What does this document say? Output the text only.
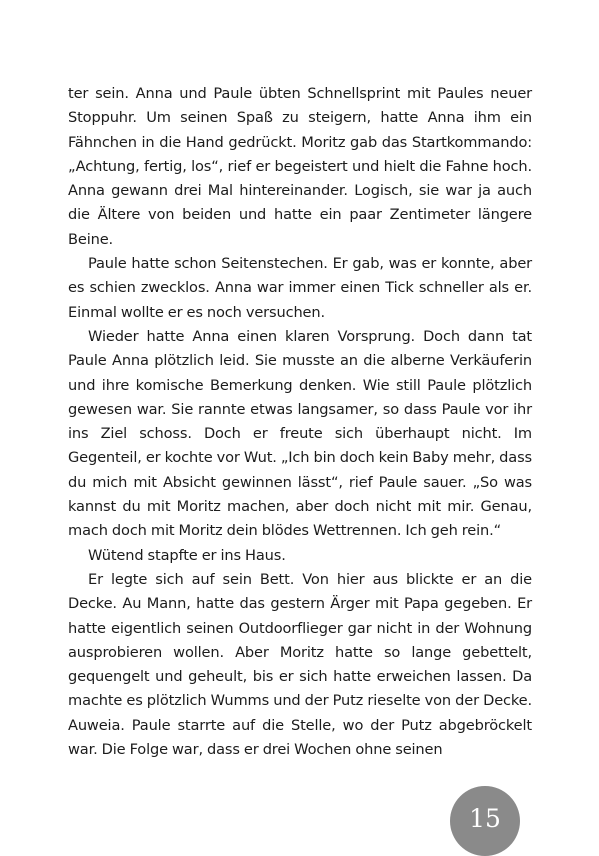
ter sein. Anna und Paule übten Schnellsprint mit Paules neuer Stoppuhr. Um seinen Spaß zu steigern, hatte Anna ihm ein Fähnchen in die Hand gedrückt. Moritz gab das Startkommando: „Achtung, fertig, los“, rief er begeistert und hielt die Fahne hoch. Anna gewann drei Mal hintereinander. Logisch, sie war ja auch die Ältere von beiden und hatte ein paar Zentimeter längere Beine.

Paule hatte schon Seitenstechen. Er gab, was er konnte, aber es schien zwecklos. Anna war immer einen Tick schneller als er. Einmal wollte er es noch versuchen.

Wieder hatte Anna einen klaren Vorsprung. Doch dann tat Paule Anna plötzlich leid. Sie musste an die alberne Verkäuferin und ihre komische Bemerkung denken. Wie still Paule plötzlich gewesen war. Sie rannte etwas langsamer, so dass Paule vor ihr ins Ziel schoss. Doch er freute sich überhaupt nicht. Im Gegenteil, er kochte vor Wut. „Ich bin doch kein Baby mehr, dass du mich mit Absicht gewinnen lässt“, rief Paule sauer. „So was kannst du mit Moritz machen, aber doch nicht mit mir. Genau, mach doch mit Moritz dein blödes Wettrennen. Ich geh rein.“

Wütend stapfte er ins Haus.

Er legte sich auf sein Bett. Von hier aus blickte er an die Decke. Au Mann, hatte das gestern Ärger mit Papa gegeben. Er hatte eigentlich seinen Outdoorflieger gar nicht in der Wohnung ausprobieren wollen. Aber Moritz hatte so lange gebettelt, gequengelt und geheult, bis er sich hatte erweichen lassen. Da machte es plötzlich Wumms und der Putz rieselte von der Decke. Auweia. Paule starrte auf die Stelle, wo der Putz abgebröckelt war. Die Folge war, dass er drei Wochen ohne seinen

15
